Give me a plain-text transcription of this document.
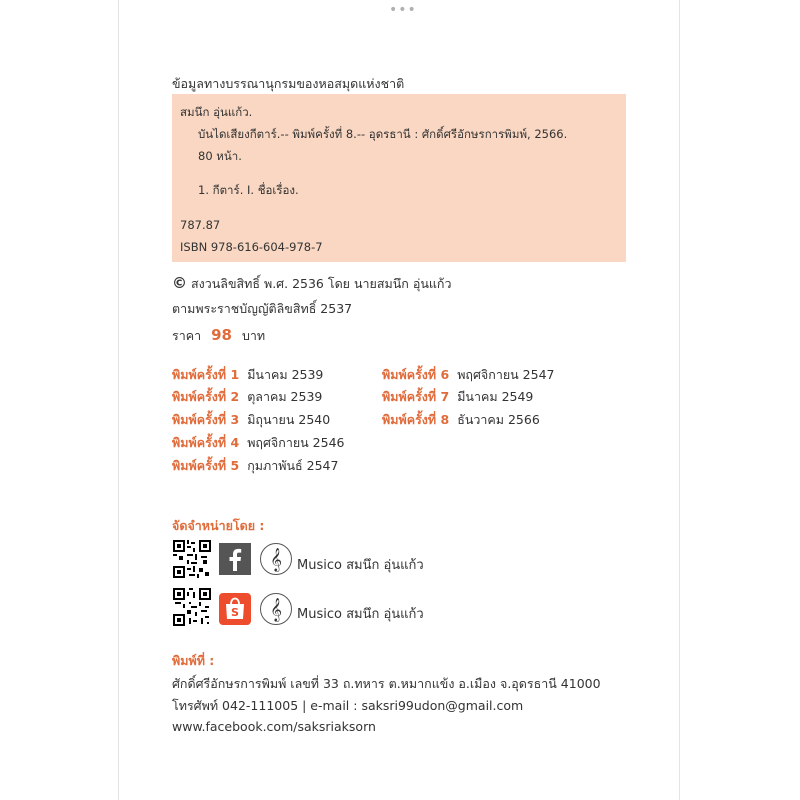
•••
ข้อมูลทางบรรณานุกรมของหอสมุดแห่งชาติ
สมนึก อุ่นแก้ว.
บันไดเสียงกีตาร์.-- พิมพ์ครั้งที่ 8.-- อุดรธานี : ศักดิ์ศรีอักษรการพิมพ์, 2566.
80 หน้า.
1. กีตาร์. I. ชื่อเรื่อง.
787.87
ISBN 978-616-604-978-7
© สงวนลิขสิทธิ์ พ.ศ. 2536 โดย นายสมนึก อุ่นแก้ว
ตามพระราชบัญญัติลิขสิทธิ์ 2537
ราคา 98 บาท
พิมพ์ครั้งที่ 1 มีนาคม 2539
พิมพ์ครั้งที่ 2 ตุลาคม 2539
พิมพ์ครั้งที่ 3 มิถุนายน 2540
พิมพ์ครั้งที่ 4 พฤศจิกายน 2546
พิมพ์ครั้งที่ 5 กุมภาพันธ์ 2547
พิมพ์ครั้งที่ 6 พฤศจิกายน 2547
พิมพ์ครั้งที่ 7 มีนาคม 2549
พิมพ์ครั้งที่ 8 ธันวาคม 2566
จัดจำหน่ายโดย :
𝄞	Musico สมนึก อุ่นแก้ว
S	𝄞	Musico สมนึก อุ่นแก้ว
พิมพ์ที่ :
ศักดิ์ศรีอักษรการพิมพ์ เลขที่ 33 ถ.ทหาร ต.หมากแข้ง อ.เมือง จ.อุดรธานี 41000
โทรศัพท์ 042-111005 | e-mail : saksri99udon@gmail.com
www.facebook.com/saksriaksorn
